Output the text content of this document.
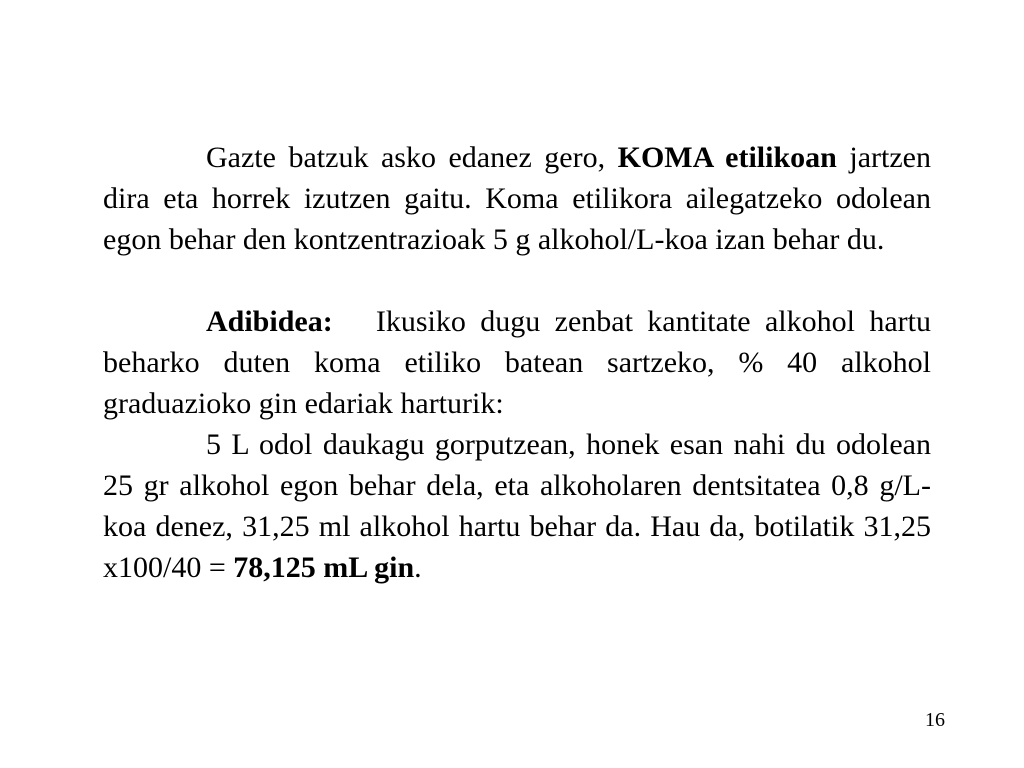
Gazte batzuk asko edanez gero, KOMA etilikoan jartzen dira eta horrek izutzen gaitu. Koma etilikora ailegatzeko odolean egon behar den kontzentrazioak 5 g alkohol/L-koa izan behar du.

Adibidea:   Ikusiko dugu zenbat kantitate alkohol hartu beharko duten koma etiliko batean sartzeko, % 40 alkohol graduazioko gin edariak harturik:

5 L odol daukagu gorputzean, honek esan nahi du odolean 25 gr alkohol egon behar dela, eta alkoholaren dentsitatea 0,8 g/L-koa denez, 31,25 ml alkohol hartu behar da. Hau da, botilatik 31,25 x100/40 = 78,125 mL gin.

16
